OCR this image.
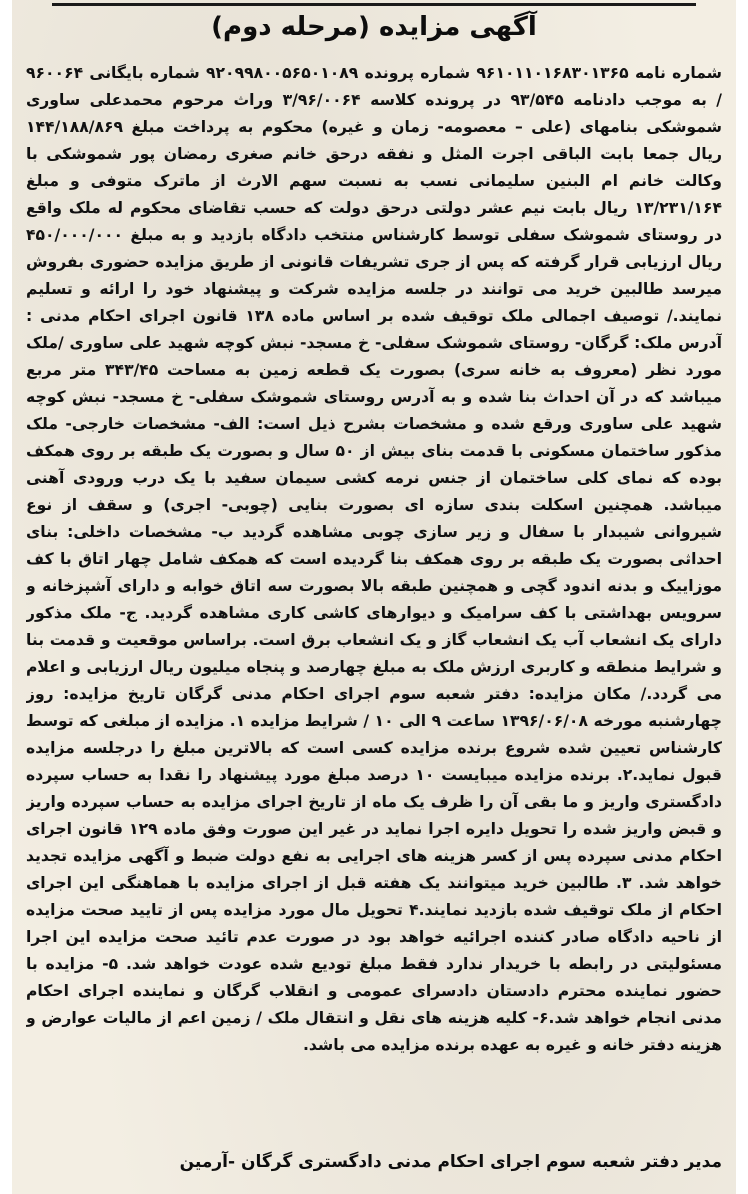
آگهی مزایده (مرحله دوم)
شماره نامه ۹۶۱۰۱۱۰۱۶۸۳۰۱۳۶۵ شماره پرونده ۹۲۰۹۹۸۰۰۵۶۵۰۱۰۸۹ شماره بایگانی ۹۶۰۰۶۴ / به موجب دادنامه ۹۳/۵۴۵ در پرونده کلاسه ۳/۹۶/۰۰۶۴ وراث مرحوم محمدعلی ساوری شموشکی بنامهای (علی – معصومه- زمان و غیره) محکوم به پرداخت مبلغ ۱۴۴/۱۸۸/۸۶۹ ریال جمعا بابت الباقی اجرت المثل و نفقه درحق خانم صغری رمضان پور شموشکی با وکالت خانم ام البنین سلیمانی نسب به نسبت سهم الارث از ماترک متوفی و مبلغ ۱۳/۲۳۱/۱۶۴ ریال بابت نیم عشر دولتی درحق دولت که حسب تقاضای محکوم له ملک واقع در روستای شموشک سفلی توسط کارشناس منتخب دادگاه بازدید و به مبلغ ۴۵۰/۰۰۰/۰۰۰ ریال ارزیابی قرار گرفته که پس از جری تشریفات قانونی از طریق مزایده حضوری بفروش میرسد طالبین خرید می توانند در جلسه مزایده شرکت و پیشنهاد خود را ارائه و تسلیم نمایند./ توصیف اجمالی ملک توقیف شده بر اساس ماده ۱۳۸ قانون اجرای احکام مدنی : آدرس ملک: گرگان- روستای شموشک سفلی- خ مسجد- نبش کوچه شهید علی ساوری /ملک مورد نظر (معروف به خانه سری) بصورت یک قطعه زمین به مساحت ۳۴۳/۴۵ متر مربع میباشد که در آن احداث بنا شده و به آدرس روستای شموشک سفلی- خ مسجد- نبش کوچه شهید علی ساوری ورقع شده و مشخصات بشرح ذیل است: الف- مشخصات خارجی- ملک مذکور ساختمان مسکونی با قدمت بنای بیش از ۵۰ سال و بصورت یک طبقه بر روی همکف بوده که نمای کلی ساختمان از جنس نرمه کشی سیمان سفید با یک درب ورودی آهنی میباشد. همچنین اسکلت بندی سازه ای بصورت بنایی (چوبی- اجری) و سقف از نوع شیروانی شیبدار با سفال و زیر سازی چوبی مشاهده گردید ب- مشخصات داخلی: بنای احداثی بصورت یک طبقه بر روی همکف بنا گردیده است که همکف شامل چهار اتاق با کف موزاییک و بدنه اندود گچی و همچنین طبقه بالا بصورت سه اتاق خوابه و دارای آشپزخانه و سرویس بهداشتی با کف سرامیک و دیوارهای کاشی کاری مشاهده گردید. ج- ملک مذکور دارای یک انشعاب آب یک انشعاب گاز و یک انشعاب برق است. براساس موقعیت و قدمت بنا و شرایط منطقه و کاربری ارزش ملک به مبلغ چهارصد و پنجاه میلیون ریال ارزیابی و اعلام می گردد./ مکان مزایده: دفتر شعبه سوم اجرای احکام مدنی گرگان تاریخ مزایده: روز چهارشنبه مورخه ۱۳۹۶/۰۶/۰۸ ساعت ۹ الی ۱۰ / شرایط مزایده ۱. مزایده از مبلغی که توسط کارشناس تعیین شده شروع برنده مزایده کسی است که بالاترین مبلغ را درجلسه مزایده قبول نماید.۲. برنده مزایده میبایست ۱۰ درصد مبلغ مورد پیشنهاد را نقدا به حساب سپرده دادگستری واریز و ما بقی آن را ظرف یک ماه از تاریخ اجرای مزایده به حساب سپرده واریز و قبض واریز شده را تحویل دایره اجرا نماید در غیر این صورت وفق ماده ۱۲۹ قانون اجرای احکام مدنی سپرده پس از کسر هزینه های اجرایی به نفع دولت ضبط و آگهی مزایده تجدید خواهد شد. ۳. طالبین خرید میتوانند یک هفته قبل از اجرای مزایده با هماهنگی این اجرای احکام از ملک توقیف شده بازدید نمایند.۴ تحویل مال مورد مزایده پس از تایید صحت مزایده از ناحیه دادگاه صادر کننده اجرائیه خواهد بود در صورت عدم تائید صحت مزایده این اجرا مسئولیتی در رابطه با خریدار ندارد فقط مبلغ تودیع شده عودت خواهد شد. ۵- مزایده با حضور نماینده محترم دادستان دادسرای عمومی و انقلاب گرگان و نماینده اجرای احکام مدنی انجام خواهد شد.۶- کلیه هزینه های نقل و انتقال ملک / زمین اعم از مالیات عوارض و هزینه دفتر خانه و غیره به عهده برنده مزایده می باشد.
مدیر دفتر شعبه سوم اجرای احکام مدنی دادگستری گرگان -آرمین
